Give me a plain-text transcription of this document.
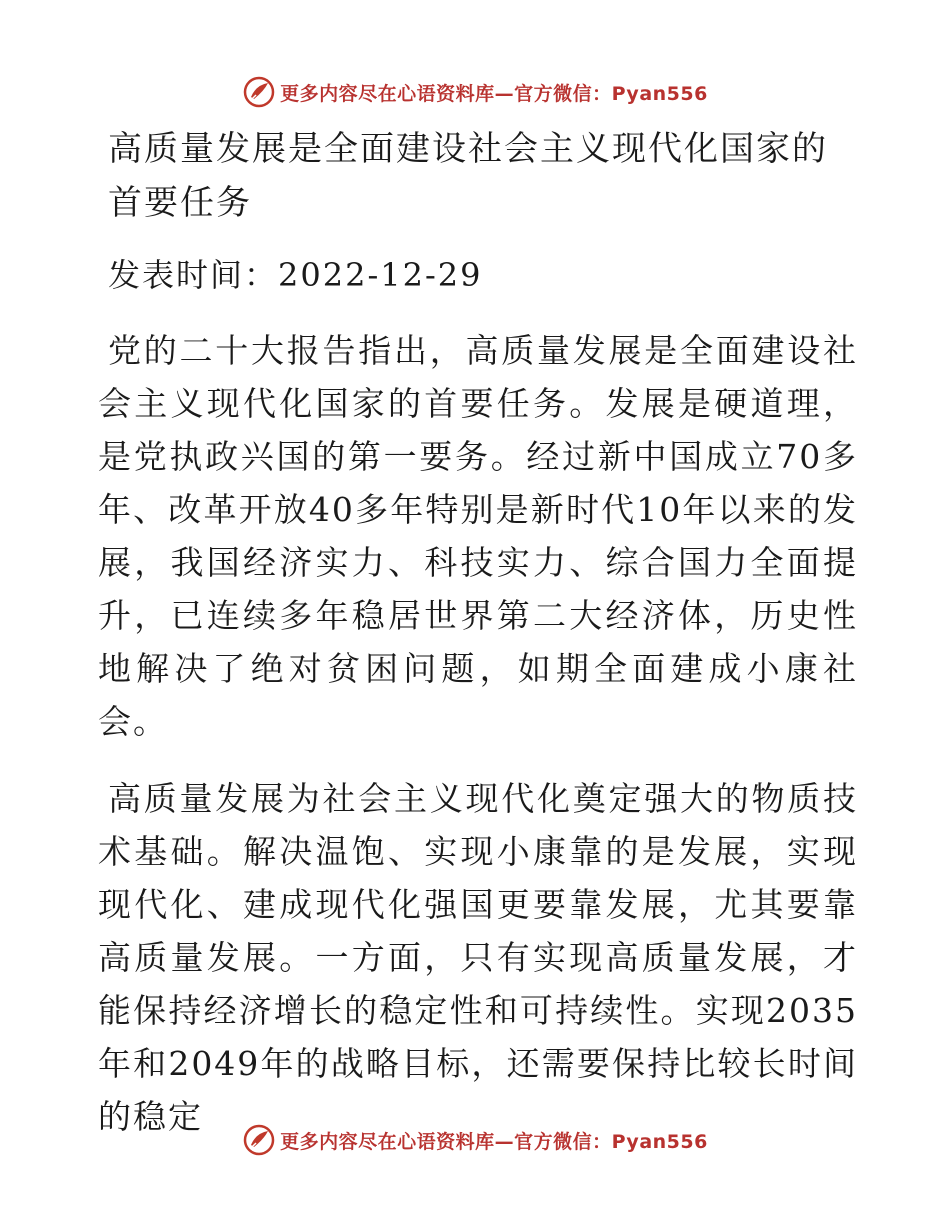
更多内容尽在心语资料库—官方微信：Pyan556
高质量发展是全面建设社会主义现代化国家的首要任务

发表时间：2022-12-29

党的二十大报告指出，高质量发展是全面建设社会主义现代化国家的首要任务。发展是硬道理，是党执政兴国的第一要务。经过新中国成立70多年、改革开放40多年特别是新时代10年以来的发展，我国经济实力、科技实力、综合国力全面提升，已连续多年稳居世界第二大经济体，历史性地解决了绝对贫困问题，如期全面建成小康社会。

高质量发展为社会主义现代化奠定强大的物质技术基础。解决温饱、实现小康靠的是发展，实现现代化、建成现代化强国更要靠发展，尤其要靠高质量发展。一方面，只有实现高质量发展，才能保持经济增长的稳定性和可持续性。实现2035年和2049年的战略目标，还需要保持比较长时间的稳定

更多内容尽在心语资料库—官方微信：Pyan556
